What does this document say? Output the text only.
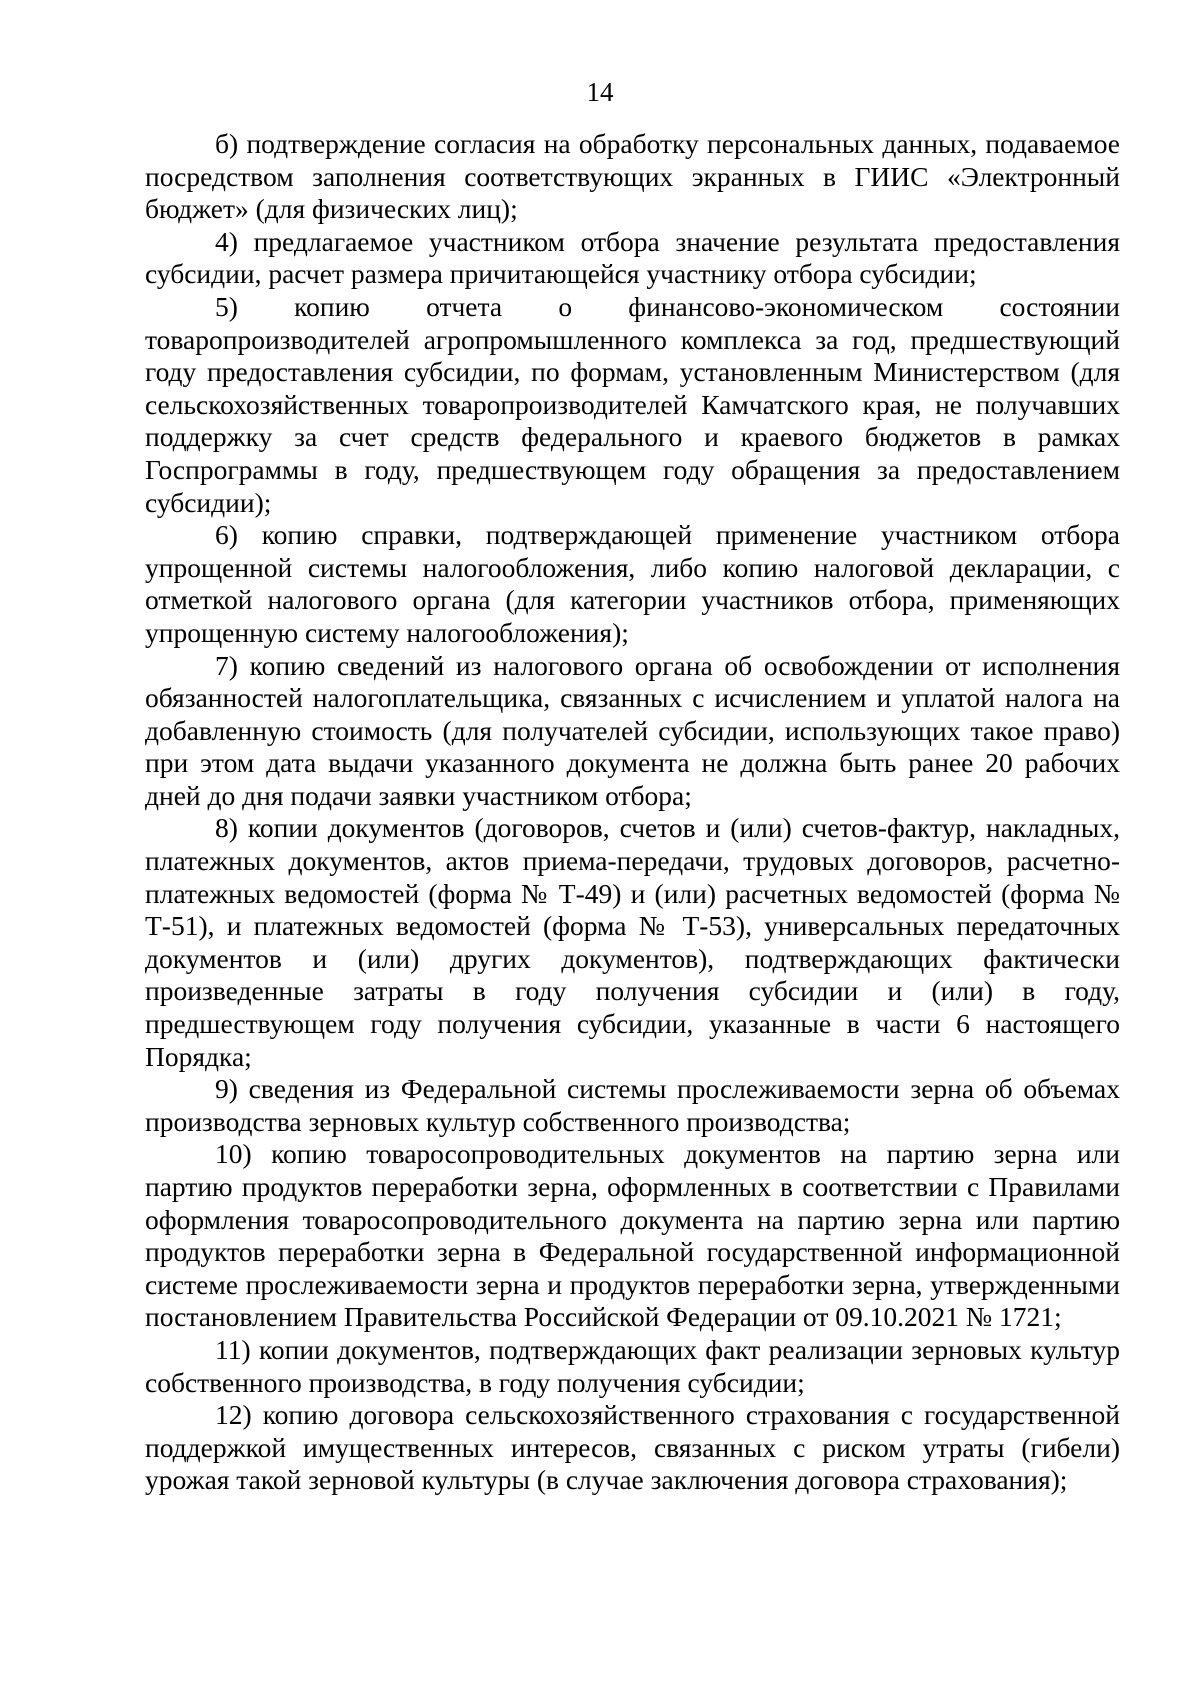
14

б) подтверждение согласия на обработку персональных данных, подаваемое посредством заполнения соответствующих экранных в ГИИС «Электронный бюджет» (для физических лиц);

4) предлагаемое участником отбора значение результата предоставления субсидии, расчет размера причитающейся участнику отбора субсидии;

5) копию отчета о финансово-экономическом состоянии товаропроизводителей агропромышленного комплекса за год, предшествующий году предоставления субсидии, по формам, установленным Министерством (для сельскохозяйственных товаропроизводителей Камчатского края, не получавших поддержку за счет средств федерального и краевого бюджетов в рамках Госпрограммы в году, предшествующем году обращения за предоставлением субсидии);

6) копию справки, подтверждающей применение участником отбора упрощенной системы налогообложения, либо копию налоговой декларации, с отметкой налогового органа (для категории участников отбора, применяющих упрощенную систему налогообложения);

7) копию сведений из налогового органа об освобождении от исполнения обязанностей налогоплательщика, связанных с исчислением и уплатой налога на добавленную стоимость (для получателей субсидии, использующих такое право) при этом дата выдачи указанного документа не должна быть ранее 20 рабочих дней до дня подачи заявки участником отбора;

8) копии документов (договоров, счетов и (или) счетов-фактур, накладных, платежных документов, актов приема-передачи, трудовых договоров, расчетно-платежных ведомостей (форма № Т-49) и (или) расчетных ведомостей (форма № Т-51), и платежных ведомостей (форма № Т-53), универсальных передаточных документов и (или) других документов), подтверждающих фактически произведенные затраты в году получения субсидии и (или) в году, предшествующем году получения субсидии, указанные в части 6 настоящего Порядка;

9) сведения из Федеральной системы прослеживаемости зерна об объемах производства зерновых культур собственного производства;

10) копию товаросопроводительных документов на партию зерна или партию продуктов переработки зерна, оформленных в соответствии с Правилами оформления товаросопроводительного документа на партию зерна или партию продуктов переработки зерна в Федеральной государственной информационной системе прослеживаемости зерна и продуктов переработки зерна, утвержденными постановлением Правительства Российской Федерации от 09.10.2021 № 1721;

11) копии документов, подтверждающих факт реализации зерновых культур собственного производства, в году получения субсидии;

12) копию договора сельскохозяйственного страхования с государственной поддержкой имущественных интересов, связанных с риском утраты (гибели) урожая такой зерновой культуры (в случае заключения договора страхования);
